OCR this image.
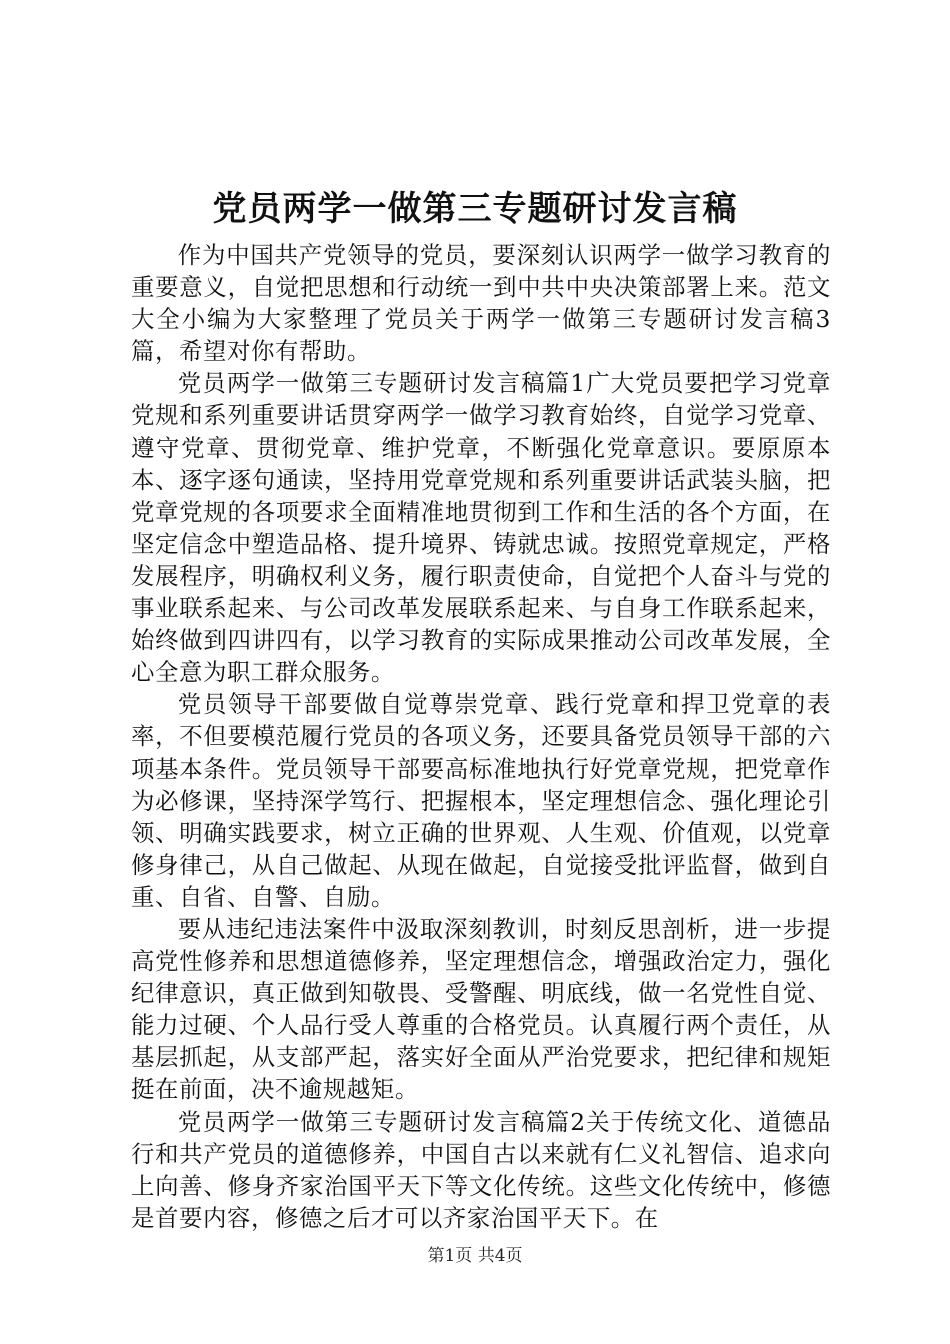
党员两学一做第三专题研讨发言稿

作为中国共产党领导的党员，要深刻认识两学一做学习教育的重要意义，自觉把思想和行动统一到中共中央决策部署上来。范文大全小编为大家整理了党员关于两学一做第三专题研讨发言稿3篇，希望对你有帮助。

党员两学一做第三专题研讨发言稿篇1广大党员要把学习党章党规和系列重要讲话贯穿两学一做学习教育始终，自觉学习党章、遵守党章、贯彻党章、维护党章，不断强化党章意识。要原原本本、逐字逐句通读，坚持用党章党规和系列重要讲话武装头脑，把党章党规的各项要求全面精准地贯彻到工作和生活的各个方面，在坚定信念中塑造品格、提升境界、铸就忠诚。按照党章规定，严格发展程序，明确权利义务，履行职责使命，自觉把个人奋斗与党的事业联系起来、与公司改革发展联系起来、与自身工作联系起来，始终做到四讲四有，以学习教育的实际成果推动公司改革发展，全心全意为职工群众服务。

党员领导干部要做自觉尊崇党章、践行党章和捍卫党章的表率，不但要模范履行党员的各项义务，还要具备党员领导干部的六项基本条件。党员领导干部要高标准地执行好党章党规，把党章作为必修课，坚持深学笃行、把握根本，坚定理想信念、强化理论引领、明确实践要求，树立正确的世界观、人生观、价值观，以党章修身律己，从自己做起、从现在做起，自觉接受批评监督，做到自重、自省、自警、自励。

要从违纪违法案件中汲取深刻教训，时刻反思剖析，进一步提高党性修养和思想道德修养，坚定理想信念，增强政治定力，强化纪律意识，真正做到知敬畏、受警醒、明底线，做一名党性自觉、能力过硬、个人品行受人尊重的合格党员。认真履行两个责任，从基层抓起，从支部严起，落实好全面从严治党要求，把纪律和规矩挺在前面，决不逾规越矩。

党员两学一做第三专题研讨发言稿篇2关于传统文化、道德品行和共产党员的道德修养，中国自古以来就有仁义礼智信、追求向上向善、修身齐家治国平天下等文化传统。这些文化传统中，修德是首要内容，修德之后才可以齐家治国平天下。在

第1页 共4页
